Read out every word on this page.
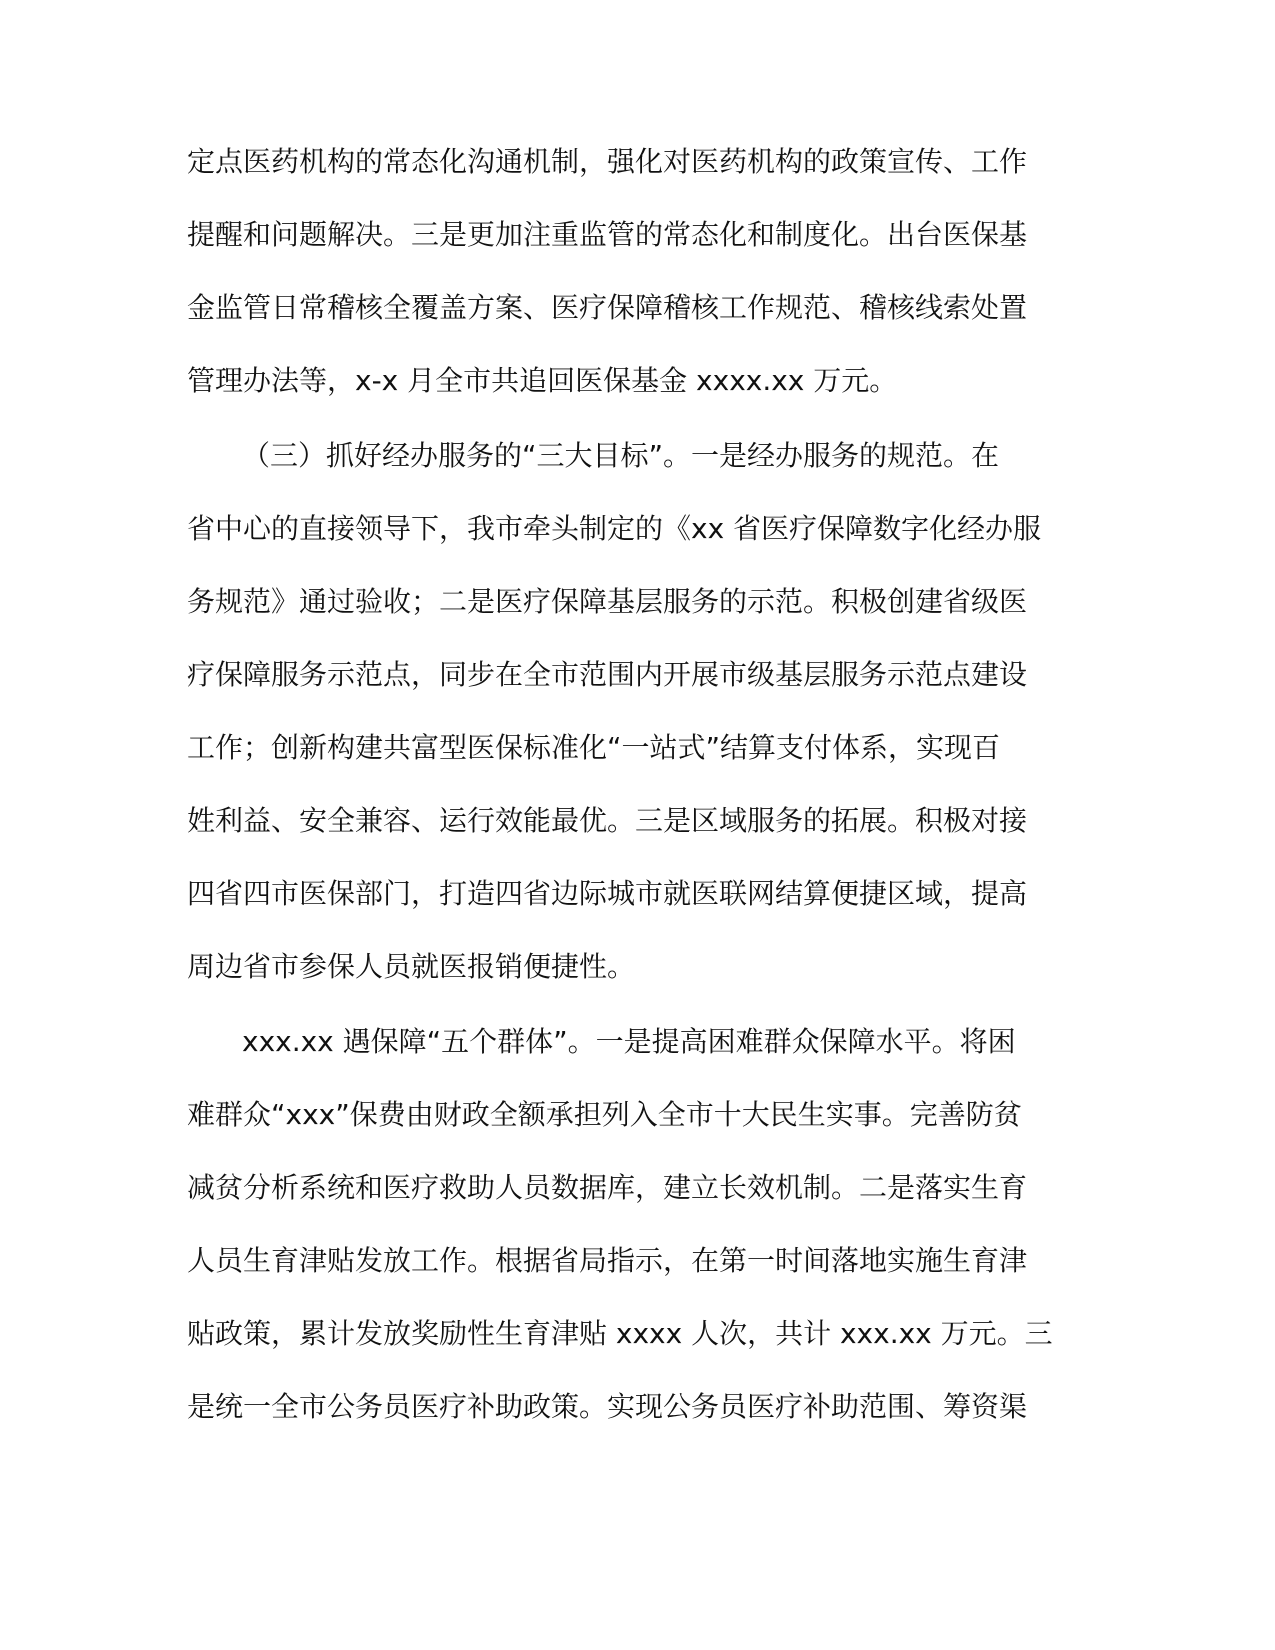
定点医药机构的常态化沟通机制，强化对医药机构的政策宣传、工作
提醒和问题解决。三是更加注重监管的常态化和制度化。出台医保基
金监管日常稽核全覆盖方案、医疗保障稽核工作规范、稽核线索处置
管理办法等，x-x 月全市共追回医保基金 xxxx.xx 万元。
（三）抓好经办服务的“三大目标”。一是经办服务的规范。在
省中心的直接领导下，我市牵头制定的《xx 省医疗保障数字化经办服
务规范》通过验收；二是医疗保障基层服务的示范。积极创建省级医
疗保障服务示范点，同步在全市范围内开展市级基层服务示范点建设
工作；创新构建共富型医保标准化“一站式”结算支付体系，实现百
姓利益、安全兼容、运行效能最优。三是区域服务的拓展。积极对接
四省四市医保部门，打造四省边际城市就医联网结算便捷区域，提高
周边省市参保人员就医报销便捷性。
xxx.xx 遇保障“五个群体”。一是提高困难群众保障水平。将困
难群众“xxx”保费由财政全额承担列入全市十大民生实事。完善防贫
减贫分析系统和医疗救助人员数据库，建立长效机制。二是落实生育
人员生育津贴发放工作。根据省局指示，在第一时间落地实施生育津
贴政策，累计发放奖励性生育津贴 xxxx 人次，共计 xxx.xx 万元。三
是统一全市公务员医疗补助政策。实现公务员医疗补助范围、筹资渠
